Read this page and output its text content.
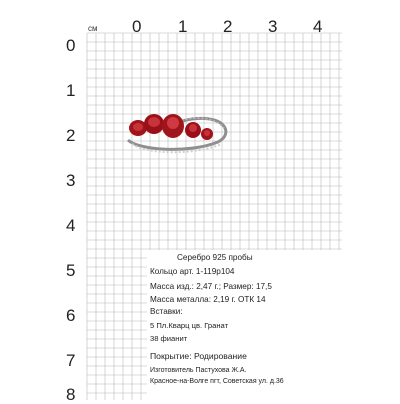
см 0 1 2 3 4
0
1
2
3
4
5
6
7
8
Серебро 925 пробы
Кольцо арт. 1-119р104
Масса изд.: 2,47 г.; Размер: 17,5
Масса металла: 2,19 г. ОТК 14
Вставки:
5 Пл.Кварц цв. Гранат
38 фианит
Покрытие: Родирование
Изготовитель Пастухова Ж.А.
Красное-на-Волге пгт, Советская ул. д.36
